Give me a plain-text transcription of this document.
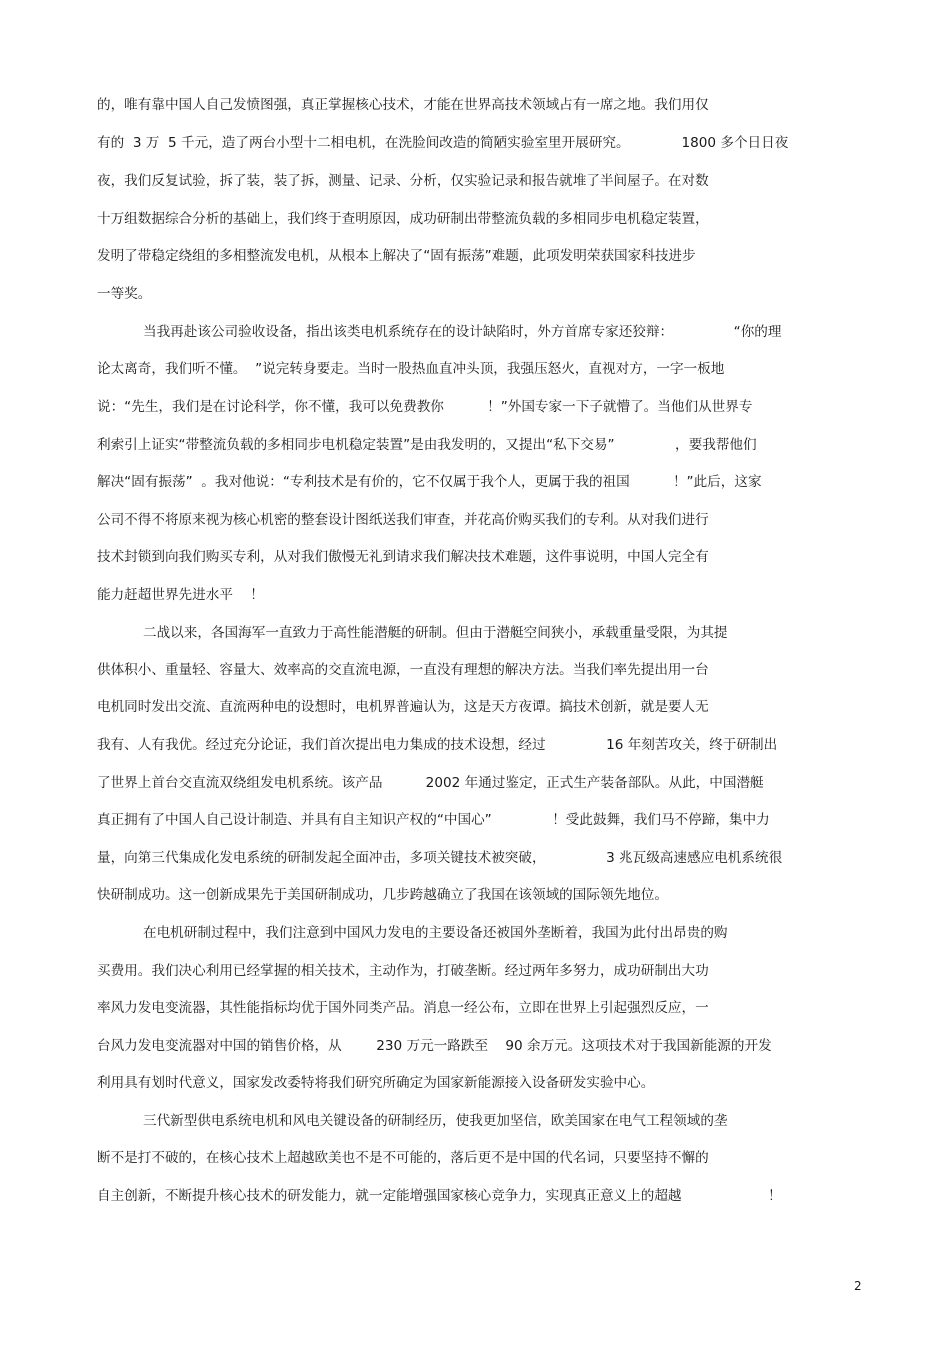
的，唯有靠中国人自己发愤图强，真正掌握核心技术，才能在世界高技术领域占有一席之地。我们用仅
有的  3 万  5 千元，造了两台小型十二相电机，在洗脸间改造的简陋实验室里开展研究。            1800 多个日日夜
夜，我们反复试验，拆了装，装了拆，测量、记录、分析，仅实验记录和报告就堆了半间屋子。在对数
十万组数据综合分析的基础上，我们终于查明原因，成功研制出带整流负载的多相同步电机稳定装置，
发明了带稳定绕组的多相整流发电机，从根本上解决了“固有振荡”难题，此项发明荣获国家科技进步
一等奖。
当我再赴该公司验收设备，指出该类电机系统存在的设计缺陷时，外方首席专家还狡辩：              “你的理
论太离奇，我们听不懂。  ”说完转身要走。当时一股热血直冲头顶，我强压怒火，直视对方，一字一板地
说：“先生，我们是在讨论科学，你不懂，我可以免费教你          ！”外国专家一下子就懵了。当他们从世界专
利索引上证实“带整流负载的多相同步电机稳定装置”是由我发明的，又提出“私下交易”              ，要我帮他们
解决“固有振荡”  。我对他说：“专利技术是有价的，它不仅属于我个人，更属于我的祖国          ！”此后，这家
公司不得不将原来视为核心机密的整套设计图纸送我们审查，并花高价购买我们的专利。从对我们进行
技术封锁到向我们购买专利，从对我们傲慢无礼到请求我们解决技术难题，这件事说明，中国人完全有
能力赶超世界先进水平    ！
二战以来，各国海军一直致力于高性能潜艇的研制。但由于潜艇空间狭小，承载重量受限，为其提
供体积小、重量轻、容量大、效率高的交直流电源，一直没有理想的解决方法。当我们率先提出用一台
电机同时发出交流、直流两种电的设想时，电机界普遍认为，这是天方夜谭。搞技术创新，就是要人无
我有、人有我优。经过充分论证，我们首次提出电力集成的技术设想，经过              16 年刻苦攻关，终于研制出
了世界上首台交直流双绕组发电机系统。该产品          2002 年通过鉴定，正式生产装备部队。从此，中国潜艇
真正拥有了中国人自己设计制造、并具有自主知识产权的“中国心”              ！受此鼓舞，我们马不停蹄，集中力
量，向第三代集成化发电系统的研制发起全面冲击，多项关键技术被突破，              3 兆瓦级高速感应电机系统很
快研制成功。这一创新成果先于美国研制成功，几步跨越确立了我国在该领域的国际领先地位。
在电机研制过程中，我们注意到中国风力发电的主要设备还被国外垄断着，我国为此付出昂贵的购
买费用。我们决心利用已经掌握的相关技术，主动作为，打破垄断。经过两年多努力，成功研制出大功
率风力发电变流器，其性能指标均优于国外同类产品。消息一经公布，立即在世界上引起强烈反应，一
台风力发电变流器对中国的销售价格，从        230 万元一路跌至    90 余万元。这项技术对于我国新能源的开发
利用具有划时代意义，国家发改委特将我们研究所确定为国家新能源接入设备研发实验中心。
三代新型供电系统电机和风电关键设备的研制经历，使我更加坚信，欧美国家在电气工程领域的垄
断不是打不破的，在核心技术上超越欧美也不是不可能的，落后更不是中国的代名词，只要坚持不懈的
自主创新，不断提升核心技术的研发能力，就一定能增强国家核心竞争力，实现真正意义上的超越                    ！
2
